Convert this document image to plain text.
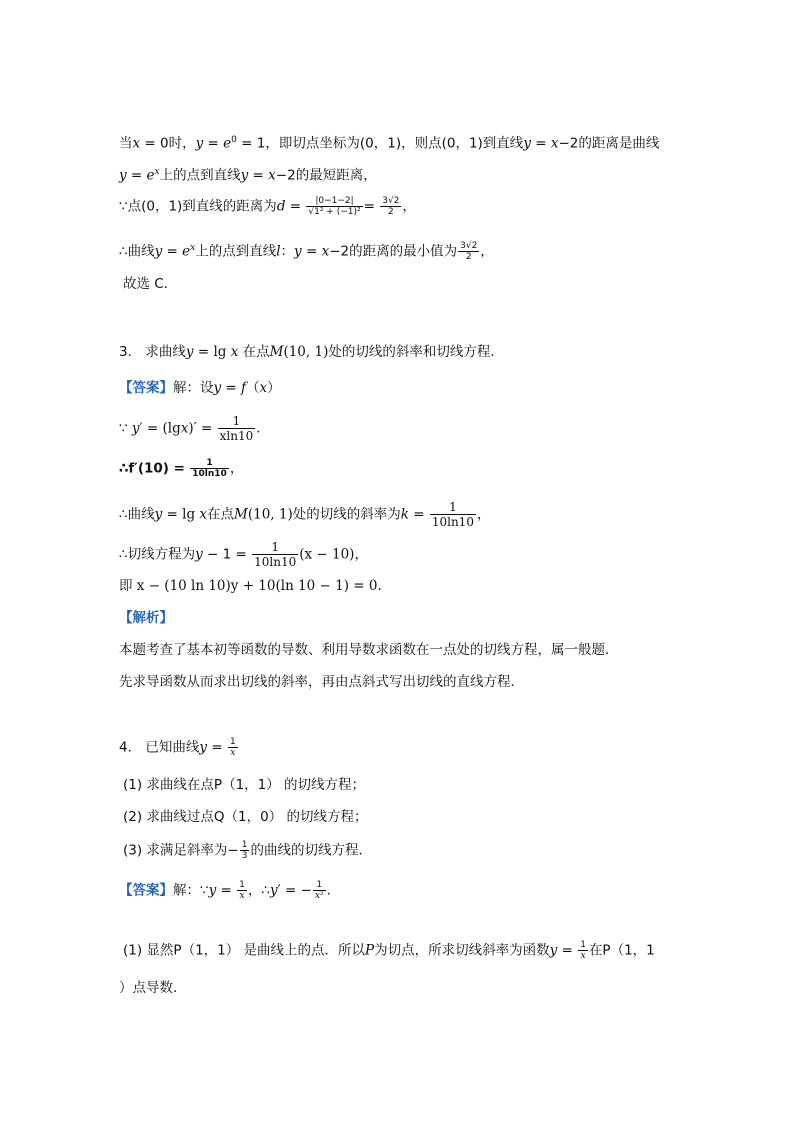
当x = 0时，$y = e^0 = 1$，即切点坐标为(0，1)，则点(0，1)到直线y = x−2的距离是曲线
$y = e^x$上的点到直线y = x−2的最短距离，
∵点(0，1)到直线的距离为$d = \frac{|0-1-2|}{\text{√1² + (−1)²}} = \frac{3√2}{2}$ ，
∴曲线$y = e^x$上的点到直线l：y = x−2的距离的最小值为 $\frac{3√2}{2}$ ，
故选 C．
3． 求曲线y = lg x 在点M(10, 1)处的切线的斜率和切线方程．
【答案】解：设y = f（x）
∵ $y' = (\lg x)' = \frac{1}{xln10}$ ．
∴f′(10) = $\frac{1}{10\ln 10}$ ，
∴曲线y = lg x在点M(10, 1)处的切线的斜率为$k = \frac{1}{10\ln 10}$ ，
∴切线方程为$y - 1 = \frac{1}{10\ln 10} (x - 10)$，
即 x − (10 ln 10)y + 10(ln 10 − 1) = 0.
【解析】
本题考查了基本初等函数的导数、利用导数求函数在一点处的切线方程，属一般题．
先求导函数从而求出切线的斜率，再由点斜式写出切线的直线方程．
4． 已知曲线$y = \frac{1}{x}$
(1) 求曲线在点P（1，1） 的切线方程；
(2) 求曲线过点Q（1，0） 的切线方程；
(3) 求满足斜率为− $\frac{1}{3}$ 的曲线的切线方程．
【答案】解：∵y = $\frac{1}{x}$ ，∴y′ = − $\frac{1}{\text{x²}}$ .
(1) 显然P（1，1） 是曲线上的点．所以P为切点，所求切线斜率为函数$y = \frac{1}{x}$ 在P（1，1
）点导数．
